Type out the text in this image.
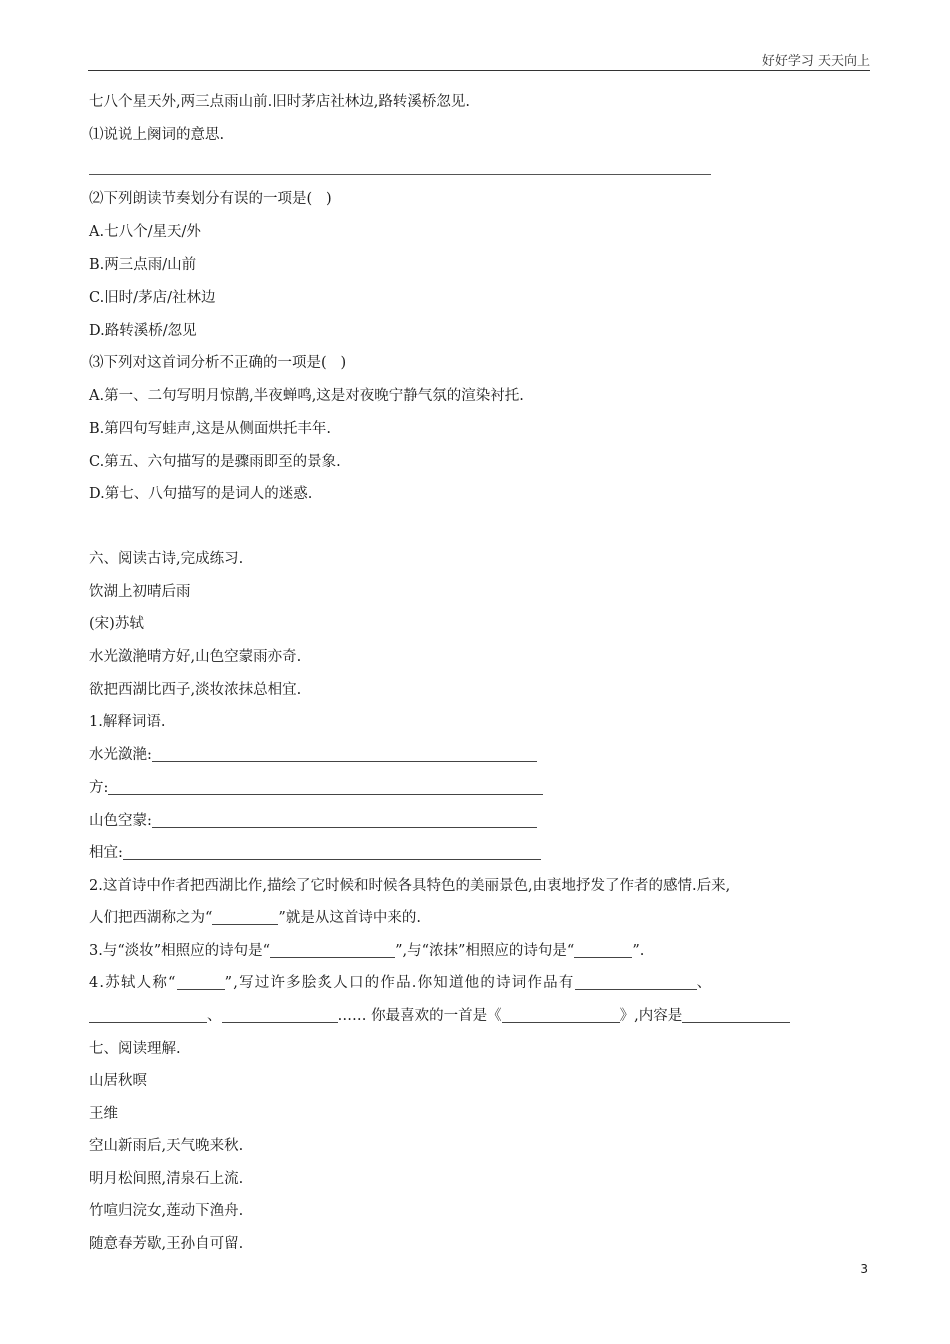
好好学习 天天向上
七八个星天外,两三点雨山前.旧时茅店社林边,路转溪桥忽见.
⑴说说上阕词的意思.
⑵下列朗读节奏划分有误的一项是(   )
A.七八个/星天/外
B.两三点雨/山前
C.旧时/茅店/社林边
D.路转溪桥/忽见
⑶下列对这首词分析不正确的一项是(   )
A.第一、二句写明月惊鹊,半夜蝉鸣,这是对夜晚宁静气氛的渲染衬托.
B.第四句写蛙声,这是从侧面烘托丰年.
C.第五、六句描写的是骤雨即至的景象.
D.第七、八句描写的是词人的迷惑.
六、阅读古诗,完成练习.
饮湖上初晴后雨
(宋)苏轼
水光潋滟晴方好,山色空蒙雨亦奇.
欲把西湖比西子,淡妆浓抹总相宜.
1.解释词语.
水光潋滟:
方:
山色空蒙:
相宜:
2.这首诗中作者把西湖比作,描绘了它时候和时候各具特色的美丽景色,由衷地抒发了作者的感情.后来,
人们把西湖称之为“	”就是从这首诗中来的.
3.与“淡妆”相照应的诗句是“	”,与“浓抹”相照应的诗句是“	”.
4.苏轼人称“	”,写过许多脍炙人口的作品.你知道他的诗词作品有	、
、	…… 你最喜欢的一首是《	》,内容是
七、阅读理解.
山居秋暝
王维
空山新雨后,天气晚来秋.
明月松间照,清泉石上流.
竹喧归浣女,莲动下渔舟.
随意春芳歇,王孙自可留.
3
